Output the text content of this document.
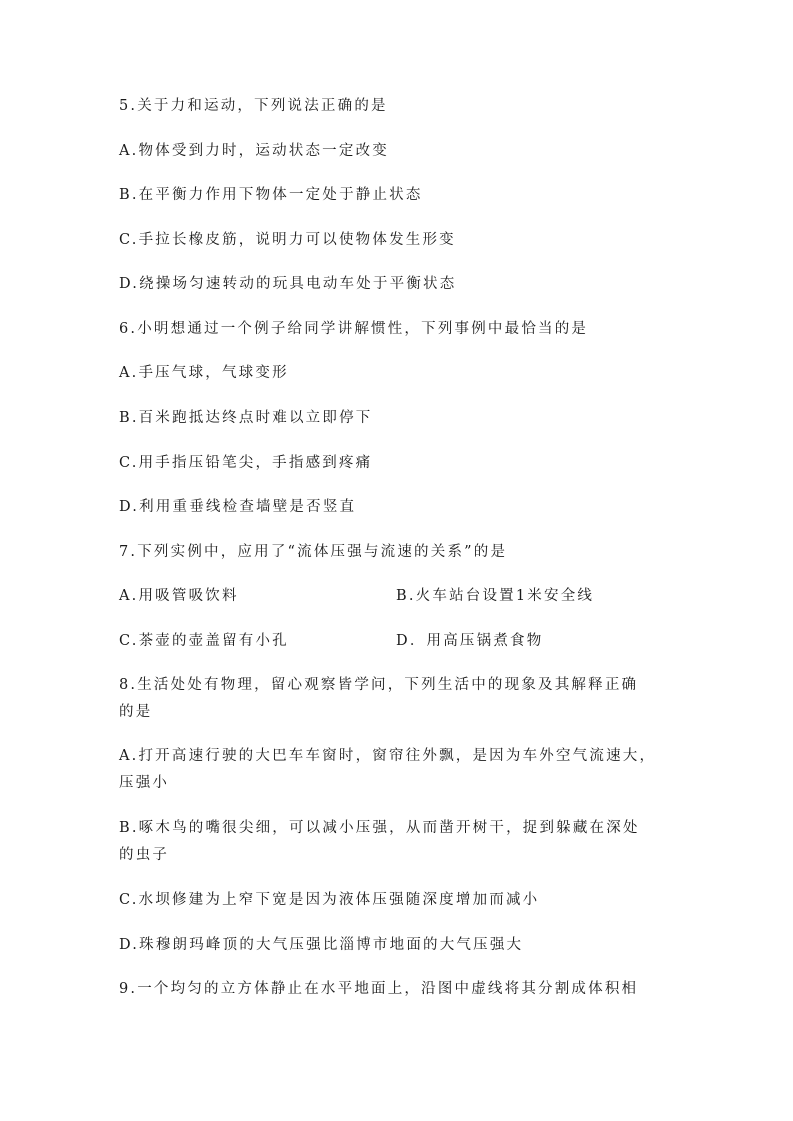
5.关于力和运动，下列说法正确的是
A.物体受到力时，运动状态一定改变
B.在平衡力作用下物体一定处于静止状态
C.手拉长橡皮筋，说明力可以使物体发生形变
D.绕操场匀速转动的玩具电动车处于平衡状态
6.小明想通过一个例子给同学讲解惯性，下列事例中最恰当的是
A.手压气球，气球变形
B.百米跑抵达终点时难以立即停下
C.用手指压铅笔尖，手指感到疼痛
D.利用重垂线检查墙壁是否竖直
7.下列实例中，应用了“流体压强与流速的关系”的是
A.用吸管吸饮料	B.火车站台设置1米安全线
C.茶壶的壶盖留有小孔	D．用高压锅煮食物
8.生活处处有物理，留心观察皆学问，下列生活中的现象及其解释正确
的是
A.打开高速行驶的大巴车车窗时，窗帘往外飘，是因为车外空气流速大，
压强小
B.啄木鸟的嘴很尖细，可以减小压强，从而凿开树干，捉到躲藏在深处
的虫子
C.水坝修建为上窄下宽是因为液体压强随深度增加而减小
D.珠穆朗玛峰顶的大气压强比淄博市地面的大气压强大
9.一个均匀的立方体静止在水平地面上，沿图中虚线将其分割成体积相
